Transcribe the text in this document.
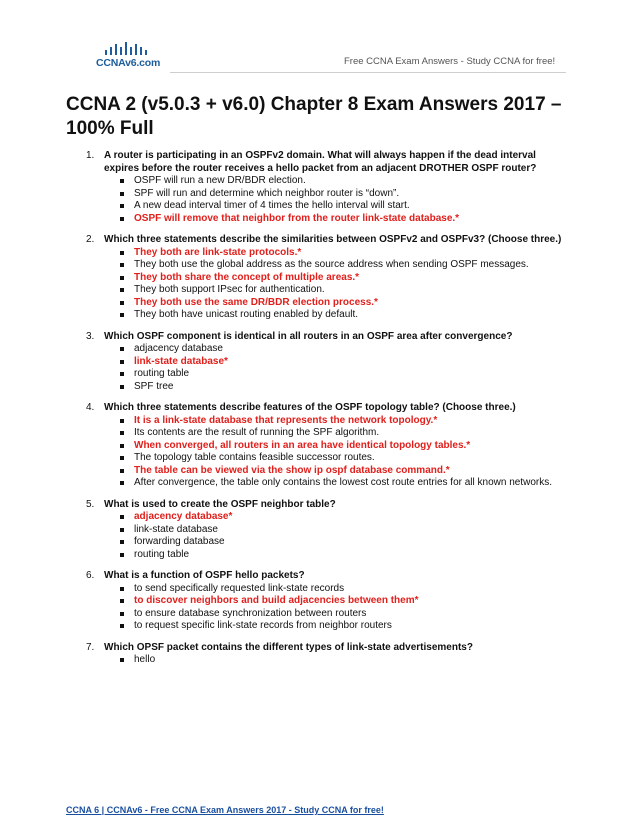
CCNAv6.com	Free CCNA Exam Answers - Study CCNA for free!
CCNA 2 (v5.0.3 + v6.0) Chapter 8 Exam Answers 2017 – 100% Full
1. A router is participating in an OSPFv2 domain. What will always happen if the dead interval expires before the router receives a hello packet from an adjacent DROTHER OSPF router?
OSPF will run a new DR/BDR election.
SPF will run and determine which neighbor router is “down”.
A new dead interval timer of 4 times the hello interval will start.
OSPF will remove that neighbor from the router link-state database.*
2. Which three statements describe the similarities between OSPFv2 and OSPFv3? (Choose three.)
They both are link-state protocols.*
They both use the global address as the source address when sending OSPF messages.
They both share the concept of multiple areas.*
They both support IPsec for authentication.
They both use the same DR/BDR election process.*
They both have unicast routing enabled by default.
3. Which OSPF component is identical in all routers in an OSPF area after convergence?
adjacency database
link-state database*
routing table
SPF tree
4. Which three statements describe features of the OSPF topology table? (Choose three.)
It is a link-state database that represents the network topology.*
Its contents are the result of running the SPF algorithm.
When converged, all routers in an area have identical topology tables.*
The topology table contains feasible successor routes.
The table can be viewed via the show ip ospf database command.*
After convergence, the table only contains the lowest cost route entries for all known networks.
5. What is used to create the OSPF neighbor table?
adjacency database*
link-state database
forwarding database
routing table
6. What is a function of OSPF hello packets?
to send specifically requested link-state records
to discover neighbors and build adjacencies between them*
to ensure database synchronization between routers
to request specific link-state records from neighbor routers
7. Which OPSF packet contains the different types of link-state advertisements?
hello
CCNA 6 | CCNAv6 - Free CCNA Exam Answers 2017 - Study CCNA for free!
